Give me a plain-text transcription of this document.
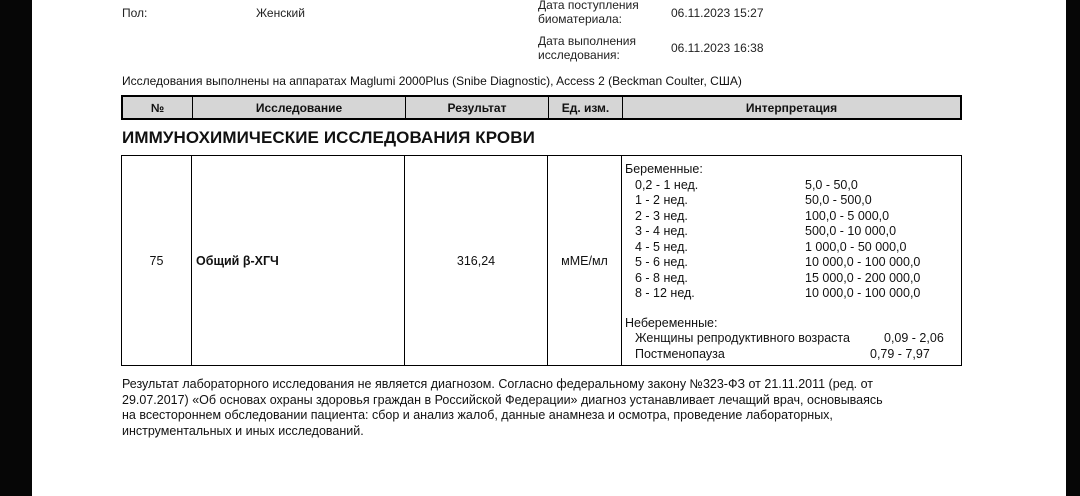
Пол:	Женский
Дата поступления биоматериала:	06.11.2023 15:27
Дата выполнения исследования:	06.11.2023 16:38
Исследования выполнены на аппаратах Maglumi 2000Plus (Snibe Diagnostic), Access 2 (Beckman Coulter, США)
№	Исследование	Результат	Ед. изм.	Интерпретация
ИММУНОХИМИЧЕСКИЕ ИССЛЕДОВАНИЯ КРОВИ
75	Общий β-ХГЧ	316,24	мМЕ/мл
Беременные:
0,2 - 1 нед.	5,0 - 50,0
1 - 2 нед.	50,0 - 500,0
2 - 3 нед.	100,0 - 5 000,0
3 - 4 нед.	500,0 - 10 000,0
4 - 5 нед.	1 000,0 - 50 000,0
5 - 6 нед.	10 000,0 - 100 000,0
6 - 8 нед.	15 000,0 - 200 000,0
8 - 12 нед.	10 000,0 - 100 000,0
Небеременные:
Женщины репродуктивного возраста	0,09 - 2,06
Постменопауза	0,79 - 7,97
Результат лабораторного исследования не является диагнозом. Согласно федеральному закону №323-ФЗ от 21.11.2011 (ред. от
29.07.2017) «Об основах охраны здоровья граждан в Российской Федерации» диагноз устанавливает лечащий врач, основываясь
на всестороннем обследовании пациента: сбор и анализ жалоб, данные анамнеза и осмотра, проведение лабораторных,
инструментальных и иных исследований.
